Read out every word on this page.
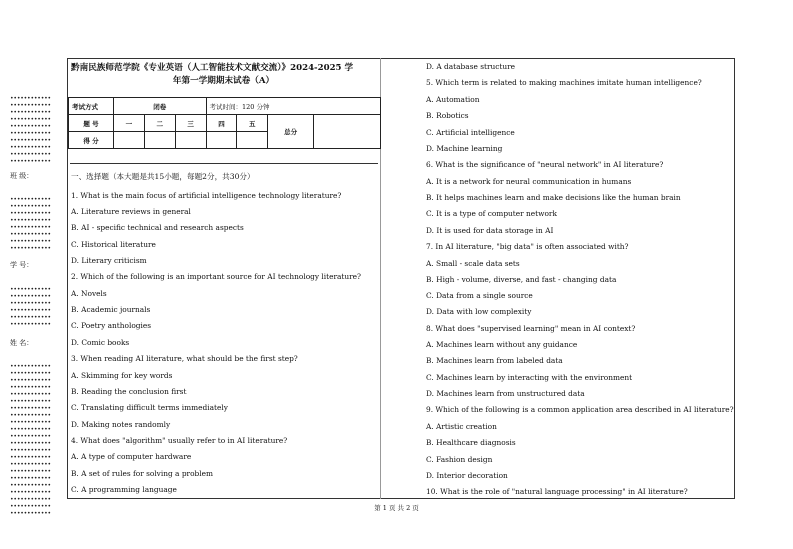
••••••••••••
••••••••••••
••••••••••••
••••••••••••
••••••••••••
••••••••••••
••••••••••••
••••••••••••
••••••••••••
••••••••••••
班 级：
••••••••••••
••••••••••••
••••••••••••
••••••••••••
••••••••••••
••••••••••••
••••••••••••
••••••••••••
学 号：
••••••••••••
••••••••••••
••••••••••••
••••••••••••
••••••••••••
••••••••••••
姓 名：
••••••••••••
••••••••••••
••••••••••••
••••••••••••
••••••••••••
••••••••••••
••••••••••••
••••••••••••
••••••••••••
••••••••••••
••••••••••••
••••••••••••
••••••••••••
••••••••••••
••••••••••••
••••••••••••
••••••••••••
••••••••••••
••••••••••••
••••••••••••
••••••••••••
••••••••••••
黔南民族师范学院《专业英语（人工智能技术文献交流）》2024-2025 学
年第一学期期末试卷（A）
考试方式	闭卷			考试时间：120 分钟			
题 号	一	二	三	四	五	总分	
得 分							
一、选择题（本大题是共15小题，每题2分，共30分）
1. What is the main focus of artificial intelligence technology literature?
A. Literature reviews in general
B. AI - specific technical and research aspects
C. Historical literature
D. Literary criticism
2. Which of the following is an important source for AI technology literature?
A. Novels
B. Academic journals
C. Poetry anthologies
D. Comic books
3. When reading AI literature, what should be the first step?
A. Skimming for key words
B. Reading the conclusion first
C. Translating difficult terms immediately
D. Making notes randomly
4. What does "algorithm" usually refer to in AI literature?
A. A type of computer hardware
B. A set of rules for solving a problem
C. A programming language
D. A database structure
5. Which term is related to making machines imitate human intelligence?
A. Automation
B. Robotics
C. Artificial intelligence
D. Machine learning
6. What is the significance of "neural network" in AI literature?
A. It is a network for neural communication in humans
B. It helps machines learn and make decisions like the human brain
C. It is a type of computer network
D. It is used for data storage in AI
7. In AI literature, "big data" is often associated with?
A. Small - scale data sets
B. High - volume, diverse, and fast - changing data
C. Data from a single source
D. Data with low complexity
8. What does "supervised learning" mean in AI context?
A. Machines learn without any guidance
B. Machines learn from labeled data
C. Machines learn by interacting with the environment
D. Machines learn from unstructured data
9. Which of the following is a common application area described in AI literature?
A. Artistic creation
B. Healthcare diagnosis
C. Fashion design
D. Interior decoration
10. What is the role of "natural language processing" in AI literature?
第 1 页 共 2 页
